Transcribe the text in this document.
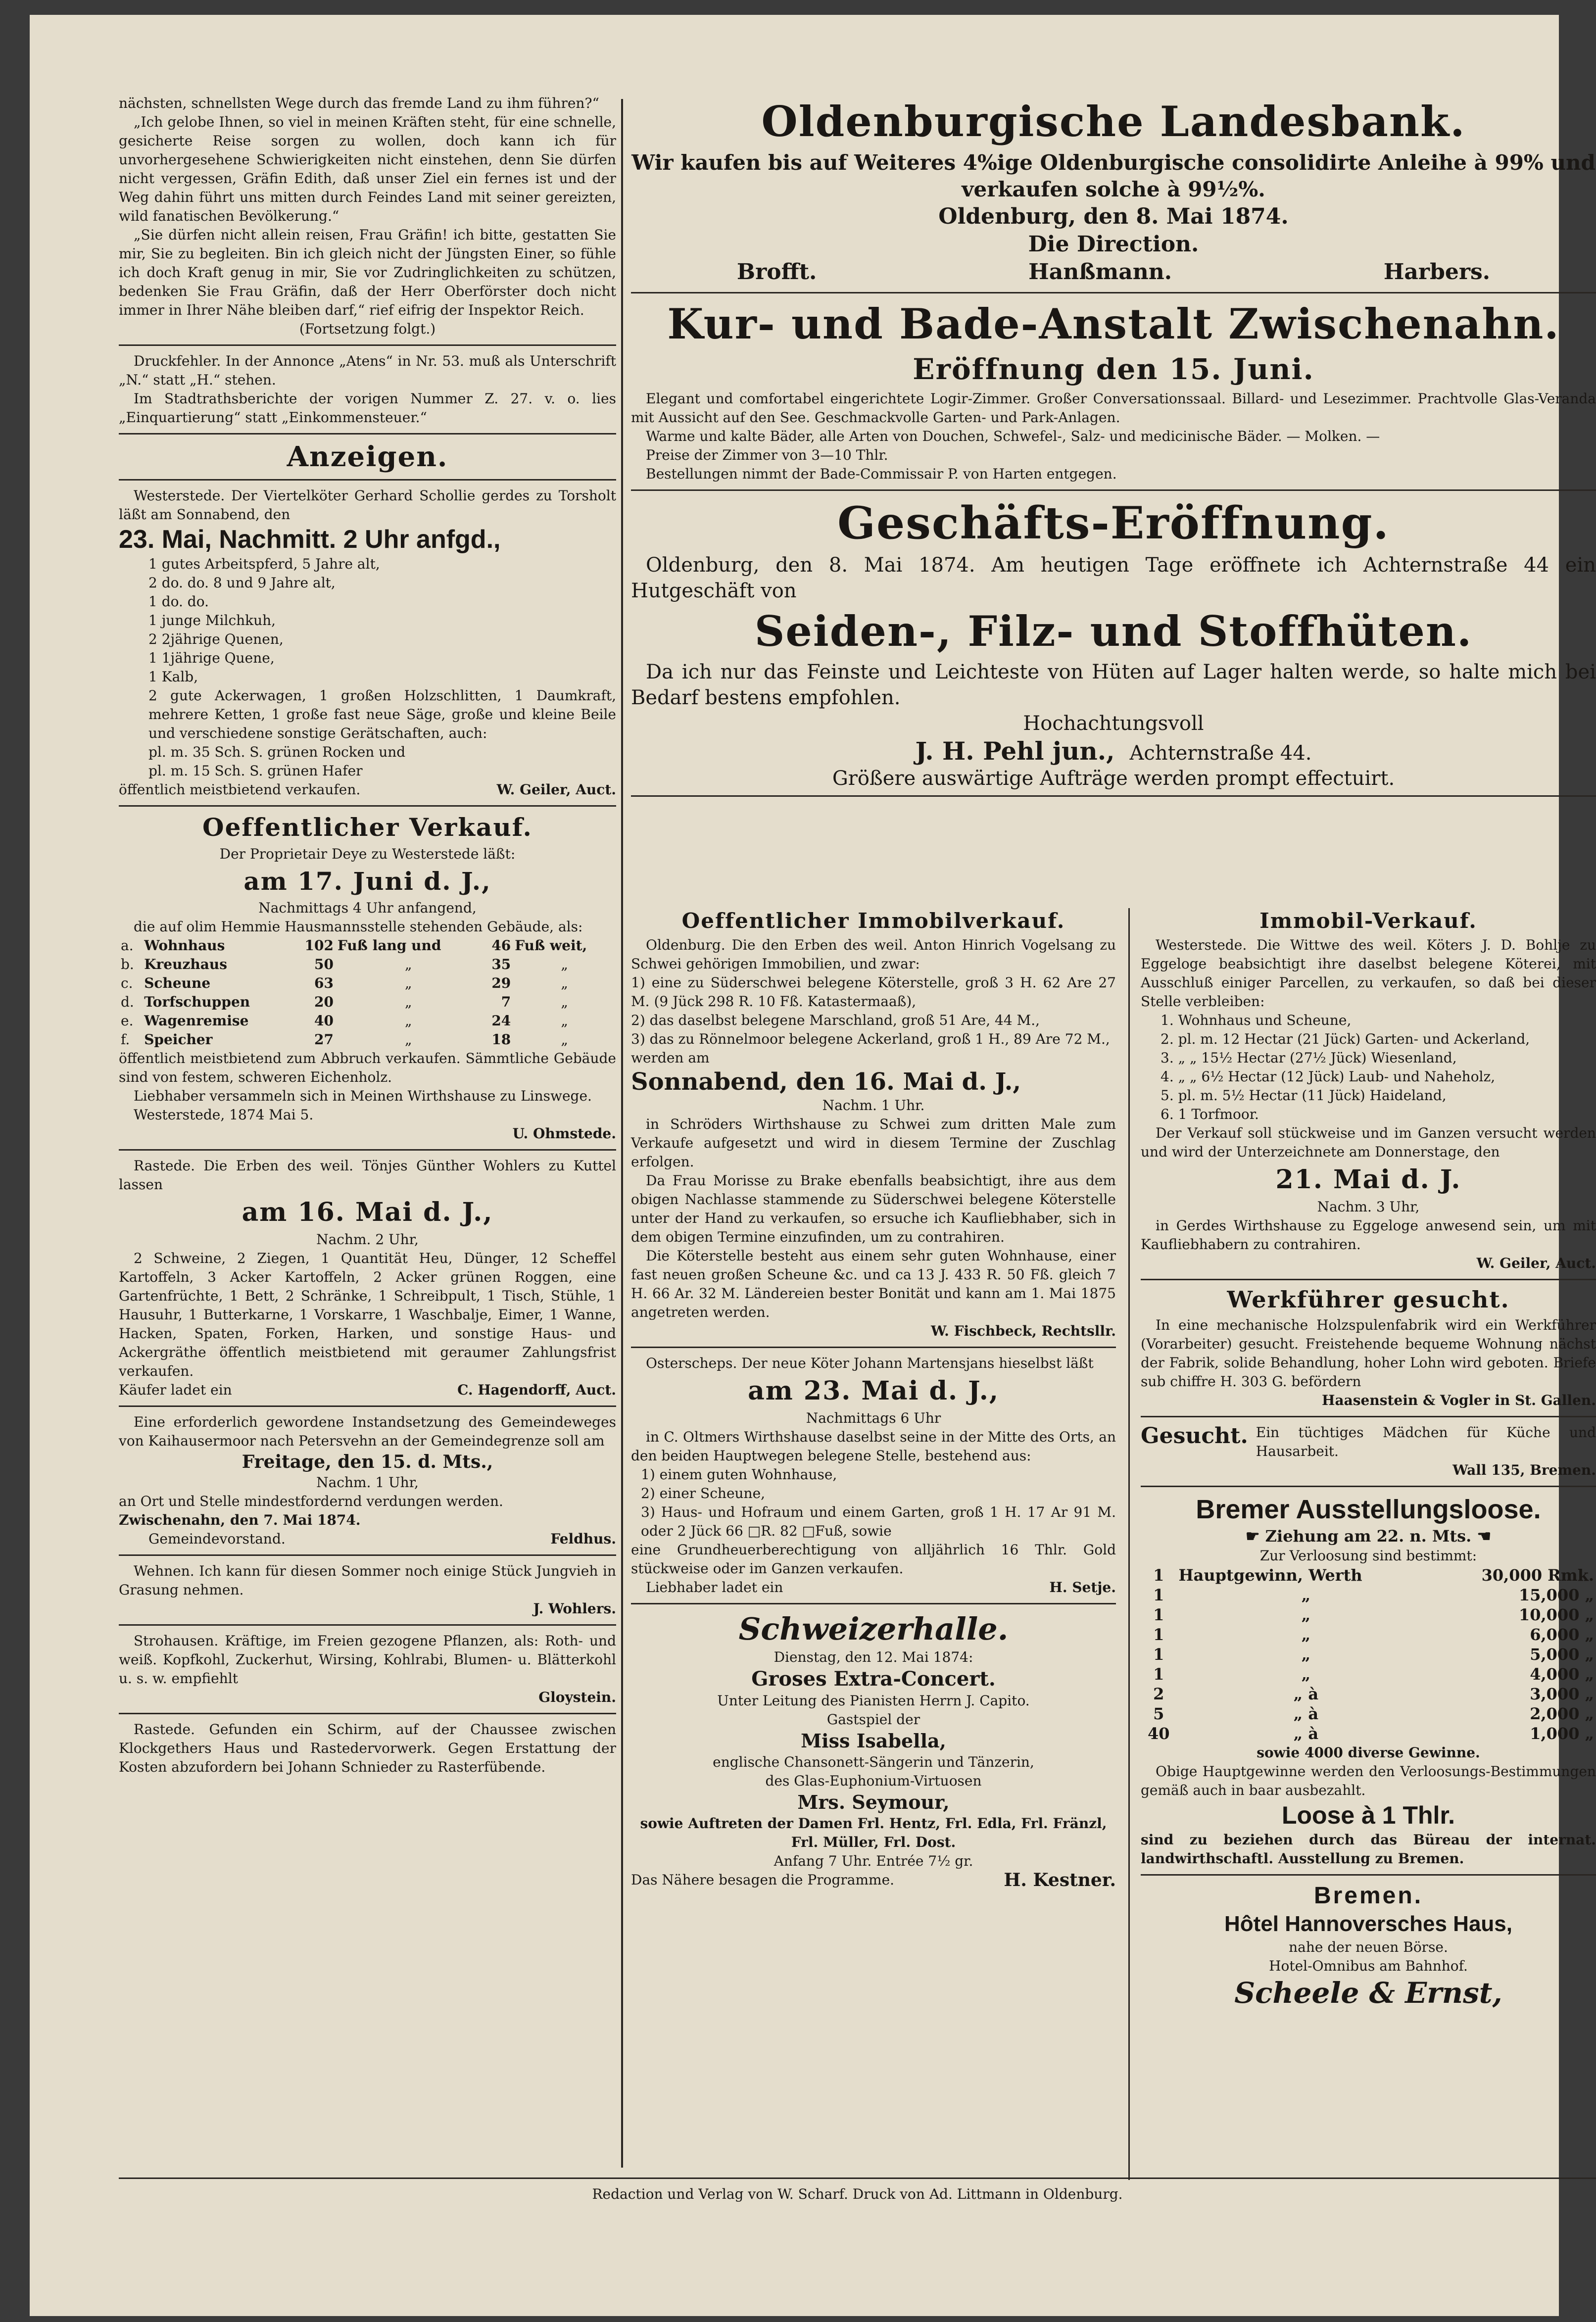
nächsten, schnellsten Wege durch das fremde Land zu ihm führen?“

„Ich gelobe Ihnen, so viel in meinen Kräften steht, für eine schnelle, gesicherte Reise sorgen zu wollen, doch kann ich für unvorhergesehene Schwierigkeiten nicht einstehen, denn Sie dürfen nicht vergessen, Gräfin Edith, daß unser Ziel ein fernes ist und der Weg dahin führt uns mitten durch Feindes Land mit seiner gereizten, wild fanatischen Bevölkerung.“

„Sie dürfen nicht allein reisen, Frau Gräfin! ich bitte, gestatten Sie mir, Sie zu begleiten. Bin ich gleich nicht der Jüngsten Einer, so fühle ich doch Kraft genug in mir, Sie vor Zudringlichkeiten zu schützen, bedenken Sie Frau Gräfin, daß der Herr Oberförster doch nicht immer in Ihrer Nähe bleiben darf,“ rief eifrig der Inspektor Reich.

(Fortsetzung folgt.)

Druckfehler. In der Annonce „Atens“ in Nr. 53. muß als Unterschrift „N.“ statt „H.“ stehen.

Im Stadtrathsberichte der vorigen Nummer Z. 27. v. o. lies „Einquartierung“ statt „Einkommensteuer.“

Anzeigen.

Westerstede. Der Viertelköter Gerhard Schollie gerdes zu Torsholt läßt am Sonnabend, den

23. Mai, Nachmitt. 2 Uhr anfgd.,

1 gutes Arbeitspferd, 5 Jahre alt,

2 do. do. 8 und 9 Jahre alt,

1 do. do.

1 junge Milchkuh,

2 2jährige Quenen,

1 1jährige Quene,

1 Kalb,

2 gute Ackerwagen, 1 großen Holzschlitten, 1 Daumkraft, mehrere Ketten, 1 große fast neue Säge, große und kleine Beile und verschiedene sonstige Gerätschaften, auch:

pl. m. 35 Sch. S. grünen Rocken und

pl. m. 15 Sch. S. grünen Hafer

öffentlich meistbietend verkaufen.	W. Geiler, Auct.
Oeffentlicher Verkauf.

Der Proprietair Deye zu Westerstede läßt:

am 17. Juni d. J.,

Nachmittags 4 Uhr anfangend,

die auf olim Hemmie Hausmannsstelle stehenden Gebäude, als:

a.	Wohnhaus	102	Fuß lang und	46	Fuß weit,
b.	Kreuzhaus	50	„	35	„
c.	Scheune	63	„	29	„
d.	Torfschuppen	20	„	7	„
e.	Wagenremise	40	„	24	„
f.	Speicher	27	„	18	„

öffentlich meistbietend zum Abbruch verkaufen. Sämmtliche Gebäude sind von festem, schweren Eichenholz.

Liebhaber versammeln sich in Meinen Wirthshause zu Linswege.

Westerstede, 1874 Mai 5.

U. Ohmstede.

Rastede. Die Erben des weil. Tönjes Günther Wohlers zu Kuttel lassen

am 16. Mai d. J.,

Nachm. 2 Uhr,

2 Schweine, 2 Ziegen, 1 Quantität Heu, Dünger, 12 Scheffel Kartoffeln, 3 Acker Kartoffeln, 2 Acker grünen Roggen, eine Gartenfrüchte, 1 Bett, 2 Schränke, 1 Schreibpult, 1 Tisch, Stühle, 1 Hausuhr, 1 Butterkarne, 1 Vorskarre, 1 Waschbalje, Eimer, 1 Wanne, Hacken, Spaten, Forken, Harken, und sonstige Haus- und Ackergräthe öffentlich meistbietend mit geraumer Zahlungsfrist verkaufen.

Käufer ladet ein	C. Hagendorff, Auct.

Eine erforderlich gewordene Instandsetzung des Gemeindeweges von Kaihausermoor nach Petersvehn an der Gemeindegrenze soll am

Freitage, den 15. d. Mts.,

Nachm. 1 Uhr,

an Ort und Stelle mindestfordernd verdungen werden.

Zwischenahn, den 7. Mai 1874.

Gemeindevorstand.	Feldhus.

Wehnen. Ich kann für diesen Sommer noch einige Stück Jungvieh in Grasung nehmen.

J. Wohlers.

Strohausen. Kräftige, im Freien gezogene Pflanzen, als: Roth- und weiß. Kopfkohl, Zuckerhut, Wirsing, Kohlrabi, Blumen- u. Blätterkohl u. s. w. empfiehlt

Gloystein.

Rastede. Gefunden ein Schirm, auf der Chaussee zwischen Klockgethers Haus und Rastedervorwerk. Gegen Erstattung der Kosten abzufordern bei Johann Schnieder zu Rasterfübende.

Oldenburgische Landesbank.

Wir kaufen bis auf Weiteres 4%ige Oldenburgische consolidirte Anleihe à 99% und verkaufen solche à 99½%.

Oldenburg, den 8. Mai 1874.
Die Direction.
Brofft.	Hanßmann.	Harbers.
Kur- und Bade-Anstalt Zwischenahn.
Eröffnung den 15. Juni.

Elegant und comfortabel eingerichtete Logir-Zimmer. Großer Conversationssaal. Billard- und Lesezimmer. Prachtvolle Glas-Veranda mit Aussicht auf den See. Geschmackvolle Garten- und Park-Anlagen.

Warme und kalte Bäder, alle Arten von Douchen, Schwefel-, Salz- und medicinische Bäder. — Molken. —

Preise der Zimmer von 3—10 Thlr.

Bestellungen nimmt der Bade-Commissair P. von Harten entgegen.

Geschäfts-Eröffnung.

Oldenburg, den 8. Mai 1874. Am heutigen Tage eröffnete ich Achternstraße 44 ein Hutgeschäft von

Seiden-, Filz- und Stoffhüten.

Da ich nur das Feinste und Leichteste von Hüten auf Lager halten werde, so halte mich bei Bedarf bestens empfohlen.

Hochachtungsvoll

J. H. Pehl jun., Achternstraße 44.

Größere auswärtige Aufträge werden prompt effectuirt.

Oeffentlicher Immobilverkauf.

Oldenburg. Die den Erben des weil. Anton Hinrich Vogelsang zu Schwei gehörigen Immobilien, und zwar:

1) eine zu Süderschwei belegene Köterstelle, groß 3 H. 62 Are 27 M. (9 Jück 298 R. 10 Fß. Katastermaaß),

2) das daselbst belegene Marschland, groß 51 Are, 44 M.,

3) das zu Rönnelmoor belegene Ackerland, groß 1 H., 89 Are 72 M.,

werden am

Sonnabend, den 16. Mai d. J.,

Nachm. 1 Uhr.

in Schröders Wirthshause zu Schwei zum dritten Male zum Verkaufe aufgesetzt und wird in diesem Termine der Zuschlag erfolgen.

Da Frau Morisse zu Brake ebenfalls beabsichtigt, ihre aus dem obigen Nachlasse stammende zu Süderschwei belegene Köterstelle unter der Hand zu verkaufen, so ersuche ich Kaufliebhaber, sich in dem obigen Termine einzufinden, um zu contrahiren.

Die Köterstelle besteht aus einem sehr guten Wohnhause, einer fast neuen großen Scheune &c. und ca 13 J. 433 R. 50 Fß. gleich 7 H. 66 Ar. 32 M. Ländereien bester Bonität und kann am 1. Mai 1875 angetreten werden.

W. Fischbeck, Rechtsllr.

Osterscheps. Der neue Köter Johann Martensjans hieselbst läßt

am 23. Mai d. J.,

Nachmittags 6 Uhr

in C. Oltmers Wirthshause daselbst seine in der Mitte des Orts, an den beiden Hauptwegen belegene Stelle, bestehend aus:

1) einem guten Wohnhause,

2) einer Scheune,

3) Haus- und Hofraum und einem Garten, groß 1 H. 17 Ar 91 M. oder 2 Jück 66 □R. 82 □Fuß, sowie

eine Grundheuerberechtigung von alljährlich 16 Thlr. Gold stückweise oder im Ganzen verkaufen.

Liebhaber ladet ein	H. Setje.
Schweizerhalle.

Dienstag, den 12. Mai 1874:

Groses Extra-Concert.

Unter Leitung des Pianisten Herrn J. Capito.

Gastspiel der

Miss Isabella,

englische Chansonett-Sängerin und Tänzerin,

des Glas-Euphonium-Virtuosen

Mrs. Seymour,

sowie Auftreten der Damen Frl. Hentz, Frl. Edla, Frl. Fränzl, Frl. Müller, Frl. Dost.

Anfang 7 Uhr. Entrée 7½ gr.

Das Nähere besagen die Programme.	H. Kestner.
Immobil-Verkauf.

Westerstede. Die Wittwe des weil. Köters J. D. Bohlje zu Eggeloge beabsichtigt ihre daselbst belegene Köterei, mit Ausschluß einiger Parcellen, zu verkaufen, so daß bei dieser Stelle verbleiben:

1. Wohnhaus und Scheune,

2. pl. m. 12 Hectar (21 Jück) Garten- und Ackerland,

3. „ „ 15½ Hectar (27½ Jück) Wiesenland,

4. „ „ 6½ Hectar (12 Jück) Laub- und Naheholz,

5. pl. m. 5½ Hectar (11 Jück) Haideland,

6. 1 Torfmoor.

Der Verkauf soll stückweise und im Ganzen versucht werden und wird der Unterzeichnete am Donnerstage, den

21. Mai d. J.

Nachm. 3 Uhr,

in Gerdes Wirthshause zu Eggeloge anwesend sein, um mit Kaufliebhabern zu contrahiren.

W. Geiler, Auct.

Werkführer gesucht.

In eine mechanische Holzspulenfabrik wird ein Werkführer (Vorarbeiter) gesucht. Freistehende bequeme Wohnung nächst der Fabrik, solide Behandlung, hoher Lohn wird geboten. Briefe sub chiffre H. 303 G. befördern

Haasenstein & Vogler in St. Gallen.

Gesucht. Ein tüchtiges Mädchen für Küche und Hausarbeit.

Wall 135, Bremen.

Bremer Ausstellungsloose.
☛ Ziehung am 22. n. Mts. ☚

Zur Verloosung sind bestimmt:

1	Hauptgewinn, Werth	30,000 Rmk.
1	„	15,000 „
1	„	10,000 „
1	„	6,000 „
1	„	5,000 „
1	„	4,000 „
2	„ à	3,000 „
5	„ à	2,000 „
40	„ à	1,000 „

sowie 4000 diverse Gewinne.

Obige Hauptgewinne werden den Verloosungs-Bestimmungen gemäß auch in baar ausbezahlt.

Loose à 1 Thlr.

sind zu beziehen durch das Büreau der internat. landwirthschaftl. Ausstellung zu Bremen.

Bremen.
Hôtel Hannoversches Haus,

nahe der neuen Börse.

Hotel-Omnibus am Bahnhof.

Scheele & Ernst,

Redaction und Verlag von W. Scharf. Druck von Ad. Littmann in Oldenburg.
